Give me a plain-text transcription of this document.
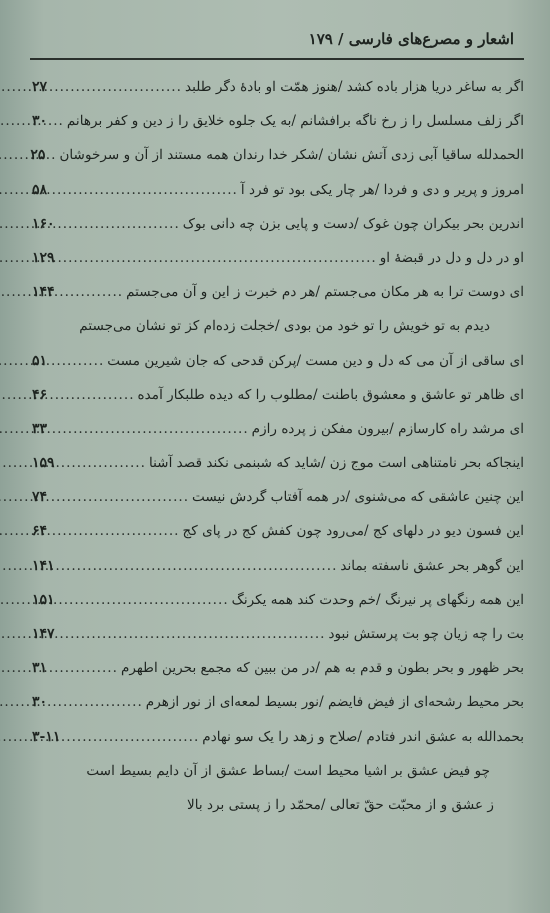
اشعار و مصرع‌های فارسی / ۱۷۹
اگر به ساغر دریا هزار باده کشد /هنوز همّت او بادهٔ دگر طلبد
.....
۲۷
اگر زلف مسلسل را ز رخ ناگه برافشانم /به یک جلوه خلایق را ز دین و کفر برهانم
.....
۳۰
الحمدلله ساقیا آبی زدی آتش نشان /شکر خدا رندان همه مستند از آن و سرخوشان
.....
۲۵
امروز و پریر و دی و فردا /هر چار یکی بود تو فرد آ
.....
۵۸
اندرین بحر بیکران چون غوک /دست و پایی بزن چه دانی بوک
.....
۱۶۰
او در دل و دل در قبضهٔ او
.....
۱۲۹
ای دوست ترا به هر مکان می‌جستم /هر دم خبرت ز این و آن می‌جستم
.....
۱۴۴
دیدم به تو خویش را تو خود من بودی /خجلت زده‌ام کز تو نشان می‌جستم
ای ساقی از آن می که دل و دین مست /پرکن قدحی که جان شیرین مست
.....
۵۱
ای ظاهر تو عاشق و معشوق باطنت /مطلوب را که دیده طلبکار آمده
.....
۴۶
ای مرشد راه کارسازم /بیرون مفکن ز پرده رازم
.....
۳۳
اینجاکه بحر نامتناهی است موج زن /شاید که شبنمی نکند قصد آشنا
.....
۱۵۹
این چنین عاشقی که می‌شنوی /در همه آفتاب گردش نیست
.....
۷۴
این فسون دیو در دلهای کج /می‌رود چون کفش کج در پای کج
.....
۶۴
این گوهر بحر عشق ناسفته بماند
.....
۱۴۱
این همه رنگهای پر نیرنگ /خم وحدت کند همه یکرنگ
.....
۱۵۱
بت را چه زیان چو بت پرستش نبود
.....
۱۴۷
بحر ظهور و بحر بطون و قدم به هم /در من ببین که مجمع بحرین اطهرم
.....
۳۱
بحر محیط رشحه‌ای از فیض فایضم /نور بسیط لمعه‌ای از نور ازهرم
.....
۳۰
بحمدالله به عشق اندر فتادم /صلاح و زهد را یک سو نهادم
.....
۳-۱۱
چو فیض عشق بر اشیا محیط است /بساط عشق از آن دایم بسیط است
ز عشق و از محبّت حقّ تعالی /محمّد را ز پستی برد بالا
